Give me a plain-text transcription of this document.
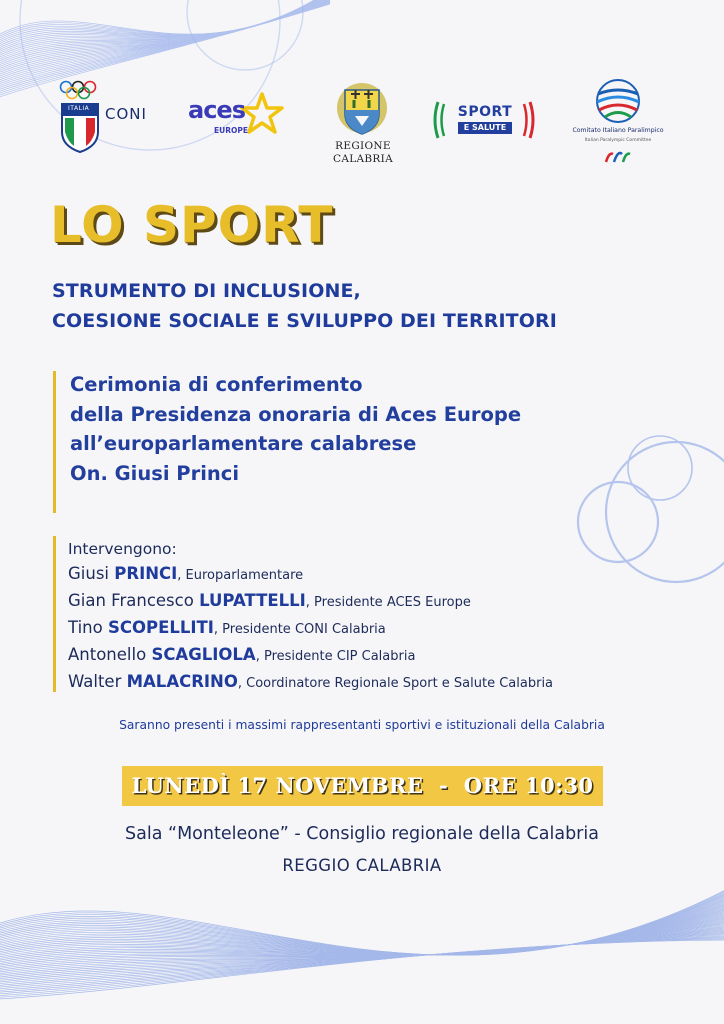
ITALIA CONI aces
EUROPE
REGIONE
CALABRIA
SPORT
E SALUTE	Comitato Italiano Paralimpico
Italian Paralympic Committee
LO SPORT
STRUMENTO DI INCLUSIONE,
COESIONE SOCIALE E SVILUPPO DEI TERRITORI
Cerimonia di conferimento
della Presidenza onoraria di Aces Europe
all’europarlamentare calabrese
On. Giusi Princi
Intervengono:
Giusi PRINCI, Europarlamentare
Gian Francesco LUPATTELLI, Presidente ACES Europe
Tino SCOPELLITI, Presidente CONI Calabria
Antonello SCAGLIOLA, Presidente CIP Calabria
Walter MALACRINO, Coordinatore Regionale Sport e Salute Calabria
Saranno presenti i massimi rappresentanti sportivi e istituzionali della Calabria
LUNEDÌ 17 NOVEMBRE  -  ORE 10:30
Sala “Monteleone” - Consiglio regionale della Calabria
REGGIO CALABRIA
